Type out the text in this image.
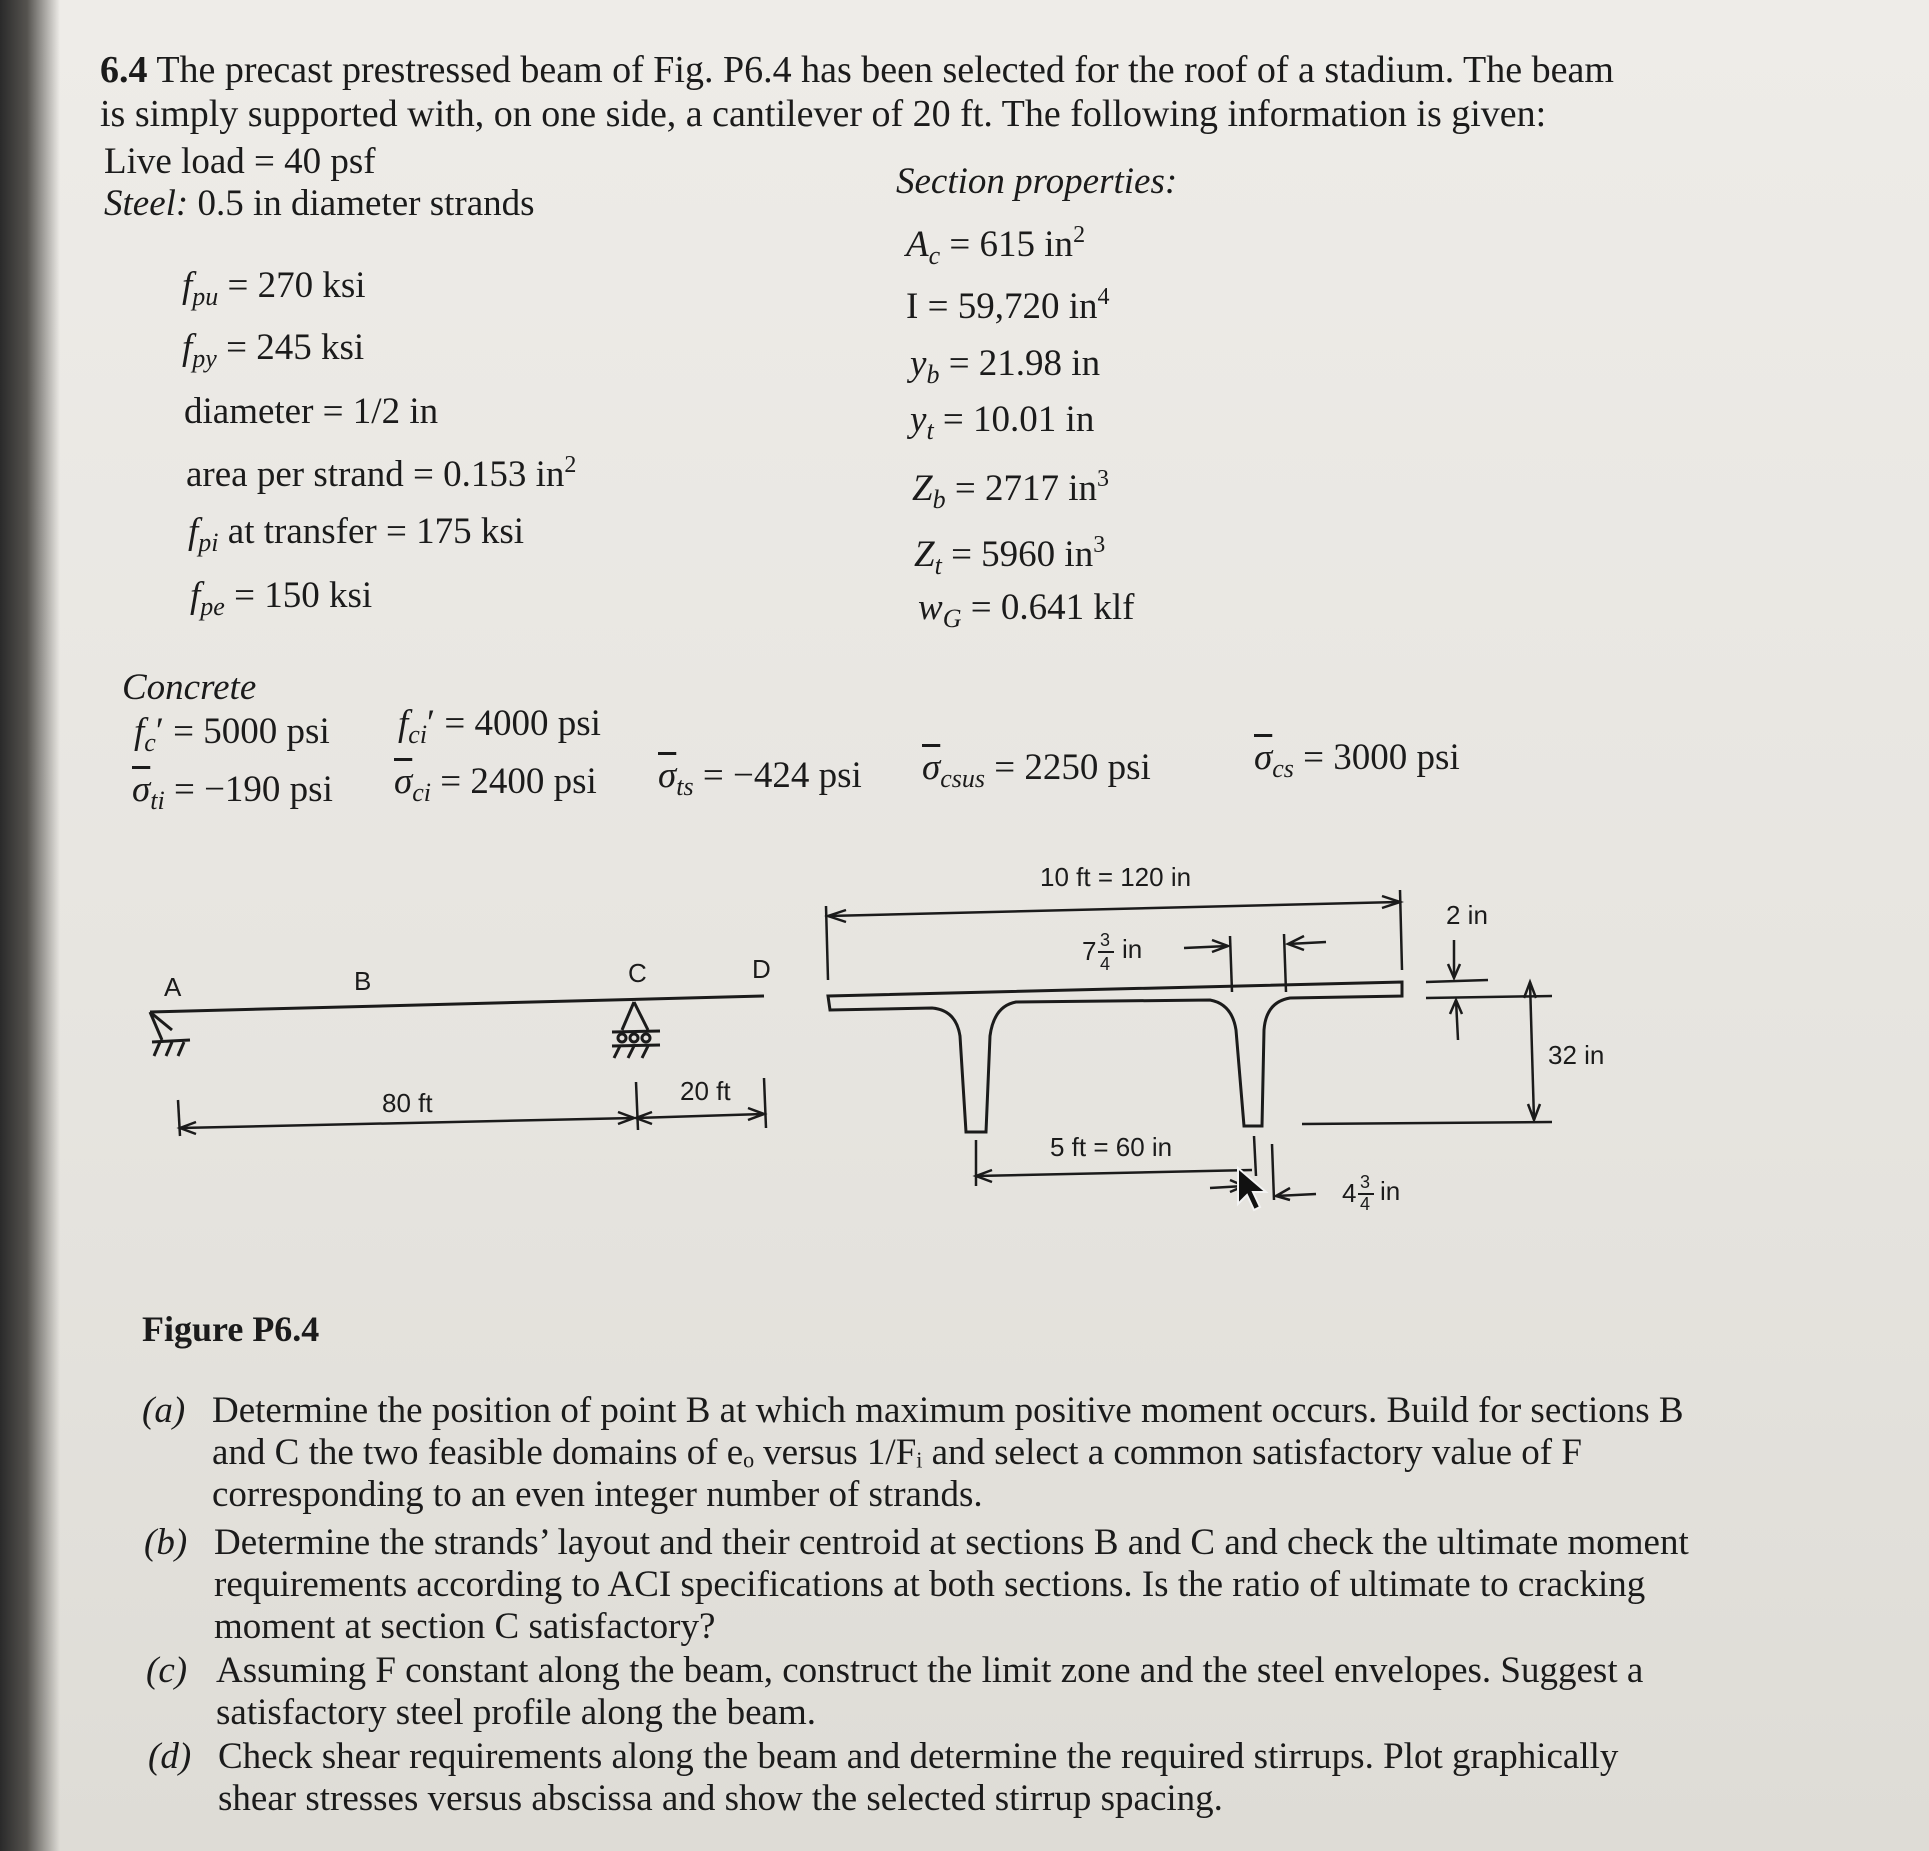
6.4 The precast prestressed beam of Fig. P6.4 has been selected for the roof of a stadium. The beam
is simply supported with, on one side, a cantilever of 20 ft. The following information is given:
Live load = 40 psf
Steel: 0.5 in diameter strands
$f_{pu} = 270$ ksi
$f_{py} = 245$ ksi
diameter = 1/2 in
area per strand = 0.153 $in^2$
$f_{pi}$ at transfer = 175 ksi
$f_{pe} = 150$ ksi
Section properties:
$A_c = 615$ $in^2$
I = 59,720 $in^4$
$y_b = 21.98$ in
$y_t = 10.01$ in
$Z_b = 2717$ $in^3$
$Z_t = 5960$ $in^3$
$w_G = 0.641$ klf
Concrete
$f_c' = 5000$ psi $f_{ci}' = 4000$ psi
$\overline{\sigma}_{ti} = -190$ psi $\overline{\sigma}_{ci} = 2400$ psi $\overline{\sigma}_{ts} = -424$ psi $\overline{\sigma}_{csus} = 2250$ psi	$\overline{\sigma}_{cs} = 3000$ psi
A	B	C	D
80 ft	20 ft
10 ft = 120 in
7 3
4 in
2 in
32 in
5 ft = 60 in
4 3
4 in
Figure P6.4
(a) Determine the position of point B at which maximum positive moment occurs. Build for sections B and C the two feasible domains of eₒ versus 1/Fᵢ and select a common satisfactory value of F corresponding to an even integer number of strands.
(b) Determine the strands’ layout and their centroid at sections B and C and check the ultimate moment requirements according to ACI specifications at both sections. Is the ratio of ultimate to cracking moment at section C satisfactory?
(c) Assuming F constant along the beam, construct the limit zone and the steel envelopes. Suggest a satisfactory steel profile along the beam.
(d) Check shear requirements along the beam and determine the required stirrups. Plot graphically shear stresses versus abscissa and show the selected stirrup spacing.
